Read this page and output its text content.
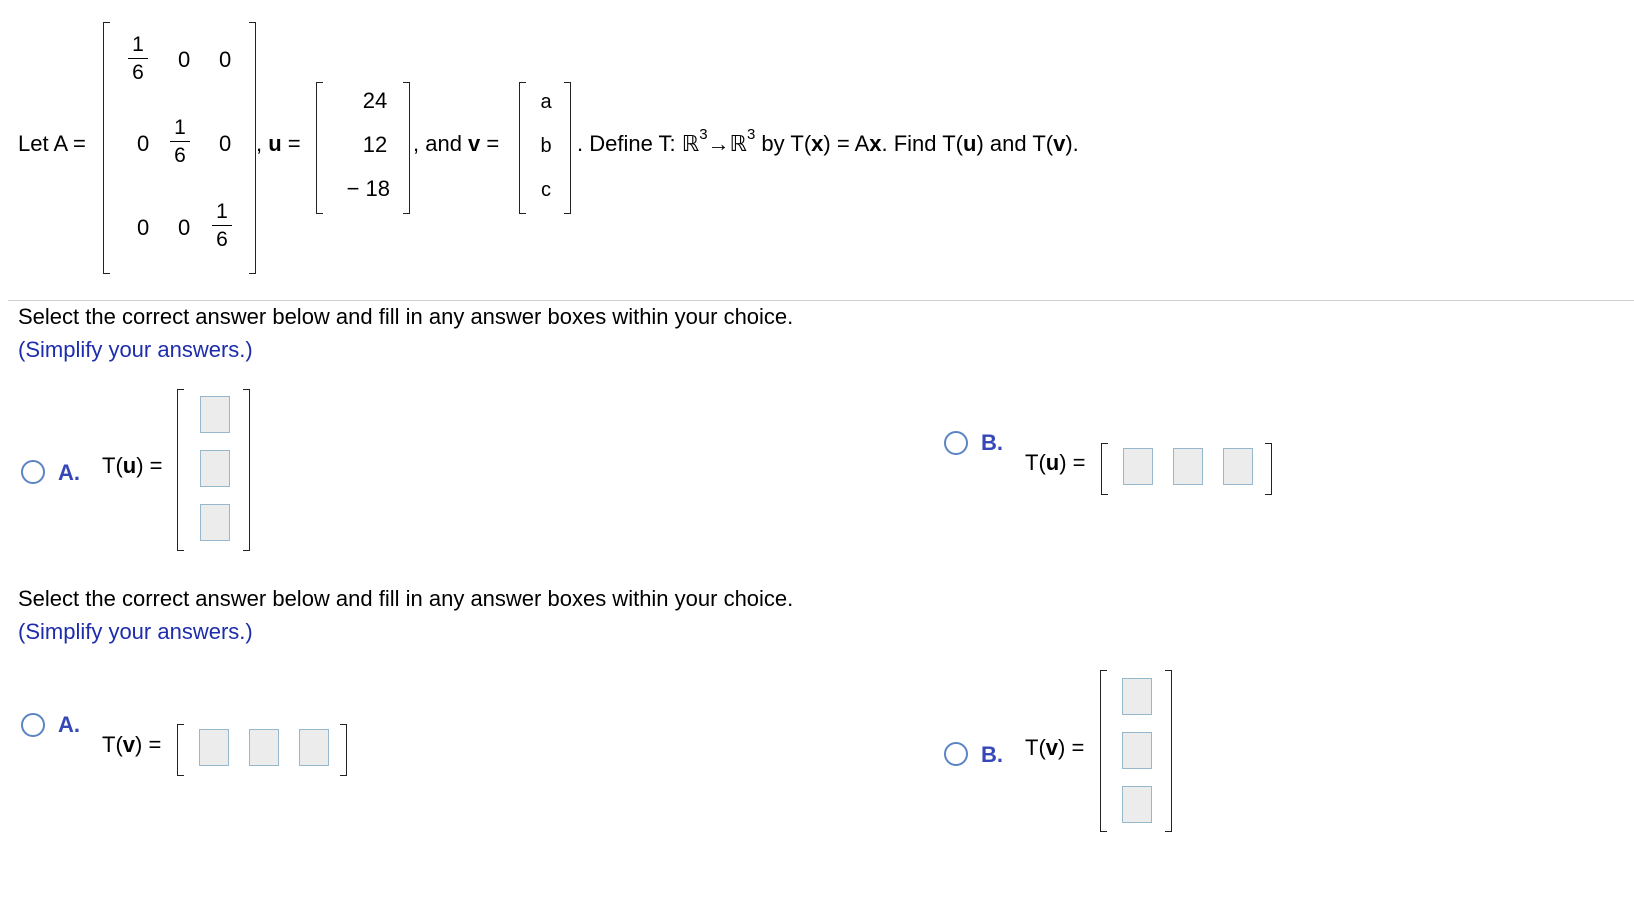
Let A =
1
6
0 0
0
1
6 0
0 0
1
6
, u =
24
12
− 18
, and v =
a
b
c
. Define T: ℝ$^3$→ℝ$^3$ by T(x) = Ax. Find T(u) and T(v).
Select the correct answer below and fill in any answer boxes within your choice.
(Simplify your answers.)
A. T(u) =
B.
T(u) =
Select the correct answer below and fill in any answer boxes within your choice.
(Simplify your answers.)
A.
T(v) =	B. T(v) =
